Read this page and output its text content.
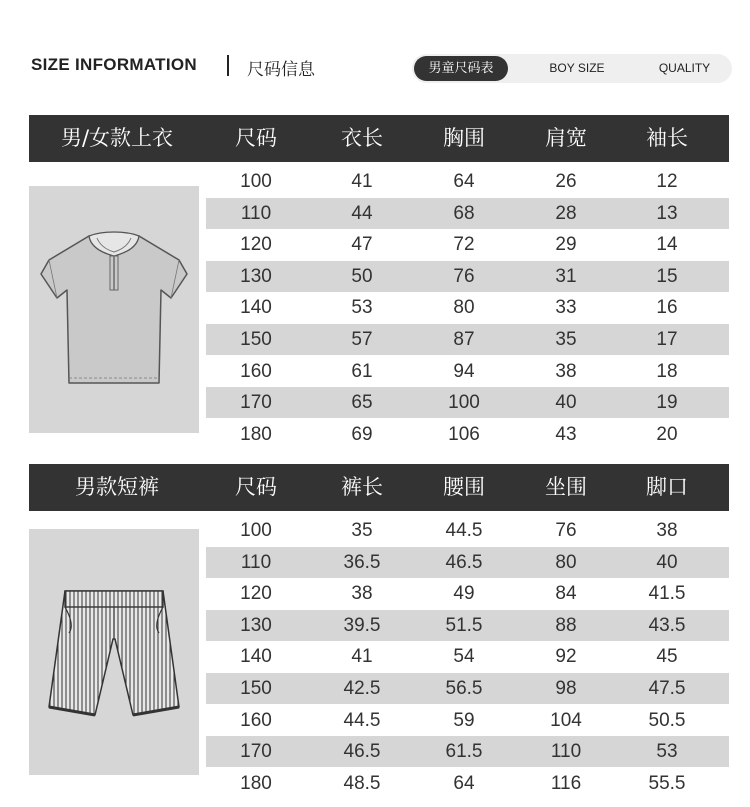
SIZE INFORMATION	尺码信息	男童尺码表	BOY SIZE	QUALITY
男/女款上衣	尺码	衣长	胸围	肩宽	袖长
100	41	64	26	12
110	44	68	28	13
120	47	72	29	14
130	50	76	31	15
140	53	80	33	16
150	57	87	35	17
160	61	94	38	18
170	65	100	40	19
180	69	106	43	20
男款短裤	尺码	裤长	腰围	坐围	脚口
100	35	44.5	76	38
110	36.5	46.5	80	40
120	38	49	84	41.5
130	39.5	51.5	88	43.5
140	41	54	92	45
150	42.5	56.5	98	47.5
160	44.5	59	104	50.5
170	46.5	61.5	110	53
180	48.5	64	116	55.5
